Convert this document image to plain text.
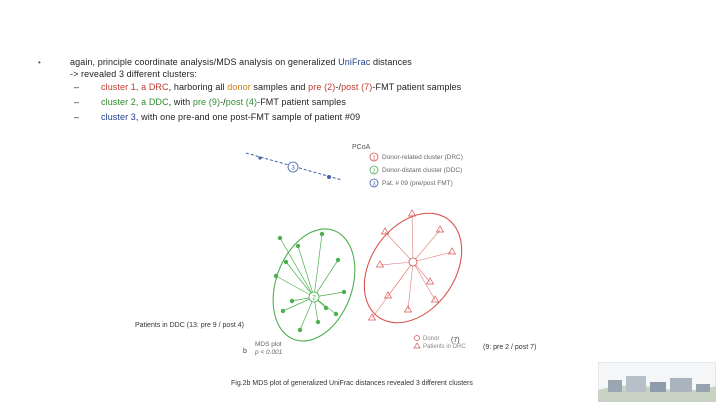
•	again, principle coordinate analysis/MDS analysis on generalized UniFrac distances
-> revealed 3 different clusters:
– cluster 1, a DRC, harboring all donor samples and pre (2)-/post (7)-FMT patient samples
– cluster 2, a DDC, with pre (9)-/post (4)-FMT patient samples
– cluster 3, with one pre-and one post-FMT sample of patient #09
3
2
1
2
3
b
MDS plot
p < 0.001
Donor
Patients in DRC
PCoA
Donor-related cluster (DRC)
Donor-distant cluster (DDC)
Pat. # 09 (pre/post FMT)
Patients in DDC (13: pre 9 / post 4)
(7)
(9: pre 2 / post 7)
Fig.2b MDS plot of generalized UniFrac distances revealed 3 different clusters
